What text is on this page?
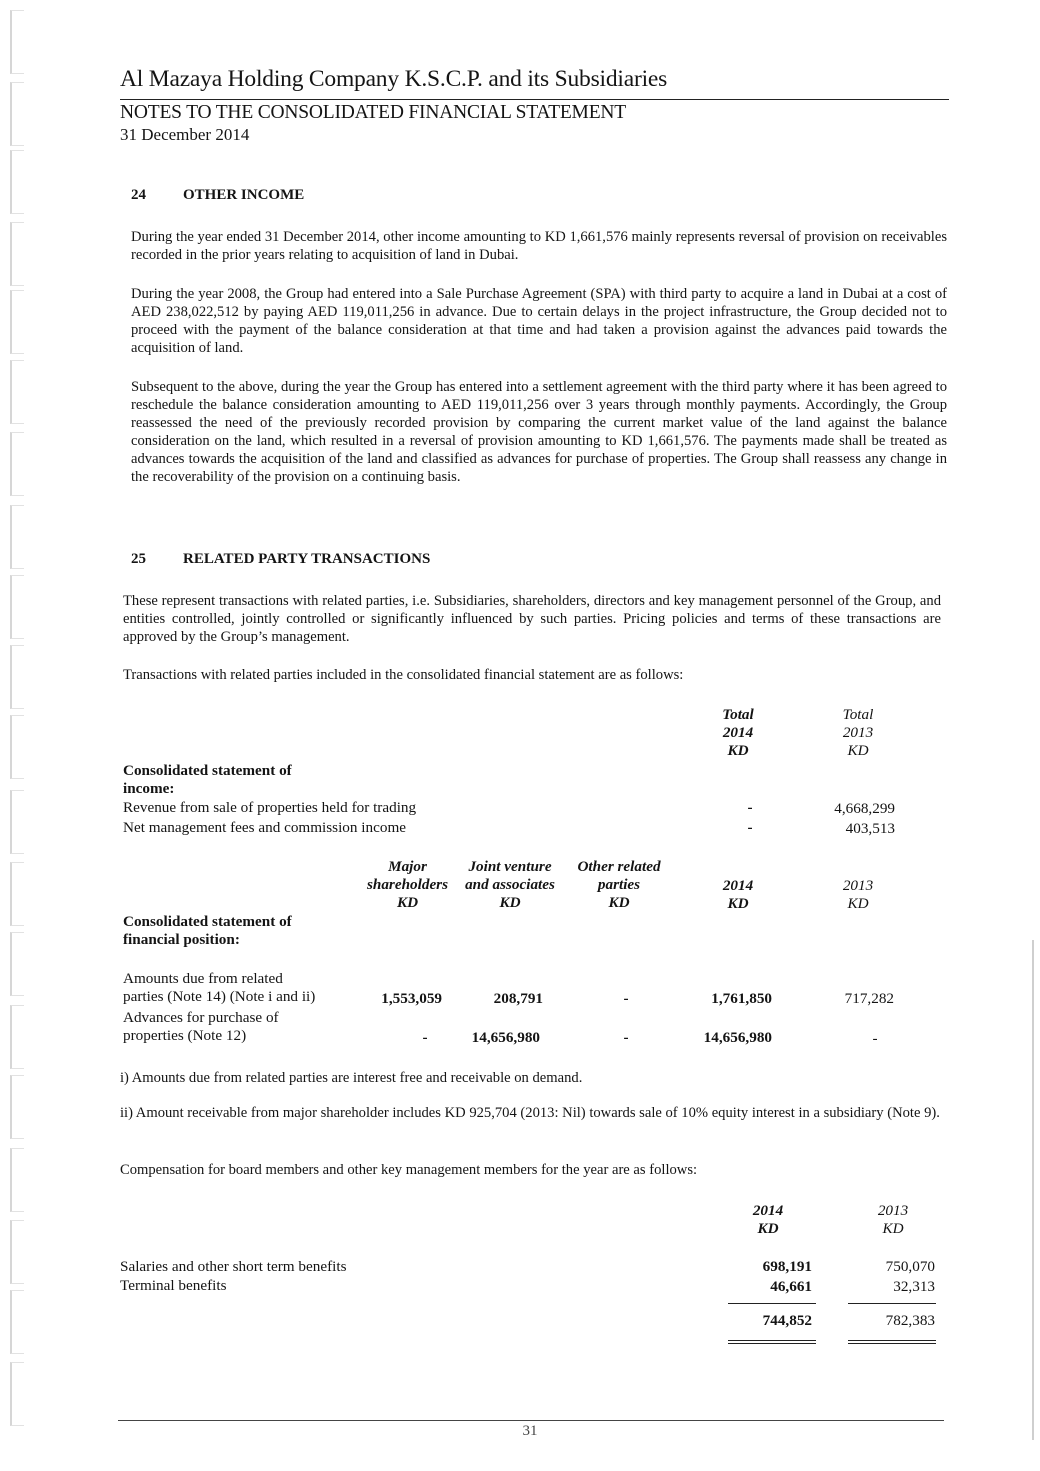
Al Mazaya Holding Company K.S.C.P. and its Subsidiaries
NOTES TO THE CONSOLIDATED FINANCIAL STATEMENT
31 December 2014
24 OTHER INCOME

During the year ended 31 December 2014, other income amounting to KD 1,661,576 mainly represents reversal of provision on receivables recorded in the prior years relating to acquisition of land in Dubai.

During the year 2008, the Group had entered into a Sale Purchase Agreement (SPA) with third party to acquire a land in Dubai at a cost of AED 238,022,512 by paying AED 119,011,256 in advance. Due to certain delays in the project infrastructure, the Group decided not to proceed with the payment of the balance consideration at that time and had taken a provision against the advances paid towards the acquisition of land.

Subsequent to the above, during the year the Group has entered into a settlement agreement with the third party where it has been agreed to reschedule the balance consideration amounting to AED 119,011,256 over 3 years through monthly payments. Accordingly, the Group reassessed the need of the previously recorded provision by comparing the current market value of the land against the balance consideration on the land, which resulted in a reversal of provision amounting to KD 1,661,576. The payments made shall be treated as advances towards the acquisition of the land and classified as advances for purchase of properties. The Group shall reassess any change in the recoverability of the provision on a continuing basis.

25 RELATED PARTY TRANSACTIONS

These represent transactions with related parties, i.e. Subsidiaries, shareholders, directors and key management personnel of the Group, and entities controlled, jointly controlled or significantly influenced by such parties. Pricing policies and terms of these transactions are approved by the Group’s management.

Transactions with related parties included in the consolidated financial statement are as follows:

Total
2014
KD
Total
2013
KD
Consolidated statement of
income:
Revenue from sale of properties held for trading	-	4,668,299
Net management fees and commission income	-	403,513
Major
shareholders
KD
Joint venture
and associates
KD
Other related
parties
KD
2014
KD
2013
KD
Consolidated statement of
financial position:
Amounts due from related
parties (Note 14) (Note i and ii)	1,553,059	208,791	-	1,761,850	717,282
Advances for purchase of
properties (Note 12)	-	14,656,980	-	14,656,980	-

i) Amounts due from related parties are interest free and receivable on demand.

ii) Amount receivable from major shareholder includes KD 925,704 (2013: Nil) towards sale of 10% equity interest in a subsidiary (Note 9).

Compensation for board members and other key management members for the year are as follows:

2014
KD
2013
KD
Salaries and other short term benefits	698,191	750,070
Terminal benefits	46,661	32,313
744,852	782,383
31
